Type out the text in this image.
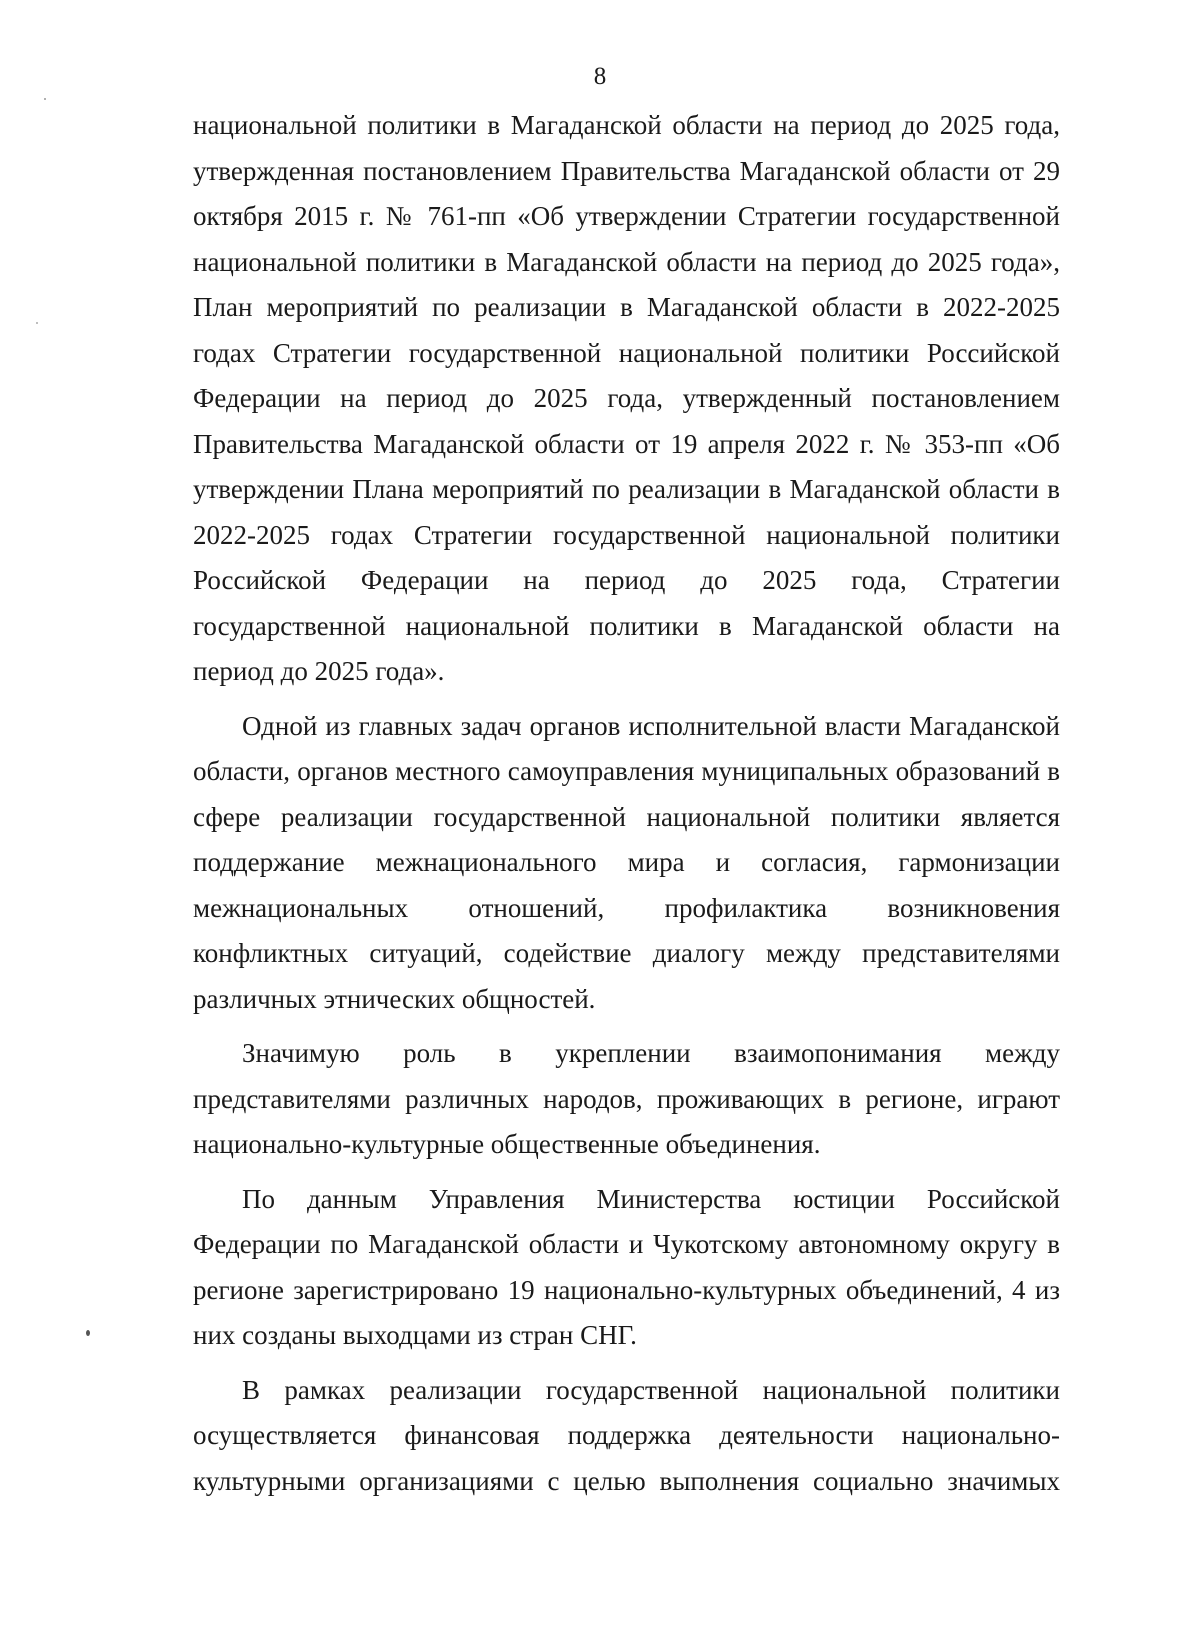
8

национальной политики в Магаданской области на период до 2025 года, утвержденная постановлением Правительства Магаданской области от 29 октября 2015 г. № 761-пп «Об утверждении Стратегии государственной национальной политики в Магаданской области на период до 2025 года», План мероприятий по реализации в Магаданской области в 2022-2025 годах Стратегии государственной национальной политики Российской Федерации на период до 2025 года, утвержденный постановлением Правительства Магаданской области от 19 апреля 2022 г. № 353-пп «Об утверждении Плана мероприятий по реализации в Магаданской области в 2022-2025 годах Стратегии государственной национальной политики Российской Федерации на период до 2025 года, Стратегии государственной национальной политики в Магаданской области на период до 2025 года».

Одной из главных задач органов исполнительной власти Магаданской области, органов местного самоуправления муниципальных образований в сфере реализации государственной национальной политики является поддержание межнационального мира и согласия, гармонизации межнациональных отношений, профилактика возникновения конфликтных ситуаций, содействие диалогу между представителями различных этнических общностей.

Значимую роль в укреплении взаимопонимания между представителями различных народов, проживающих в регионе, играют национально-культурные общественные объединения.

По данным Управления Министерства юстиции Российской Федерации по Магаданской области и Чукотскому автономному округу в регионе зарегистрировано 19 национально-культурных объединений, 4 из них созданы выходцами из стран СНГ.

В рамках реализации государственной национальной политики осуществляется финансовая поддержка деятельности национально-культурными организациями с целью выполнения социально значимых
